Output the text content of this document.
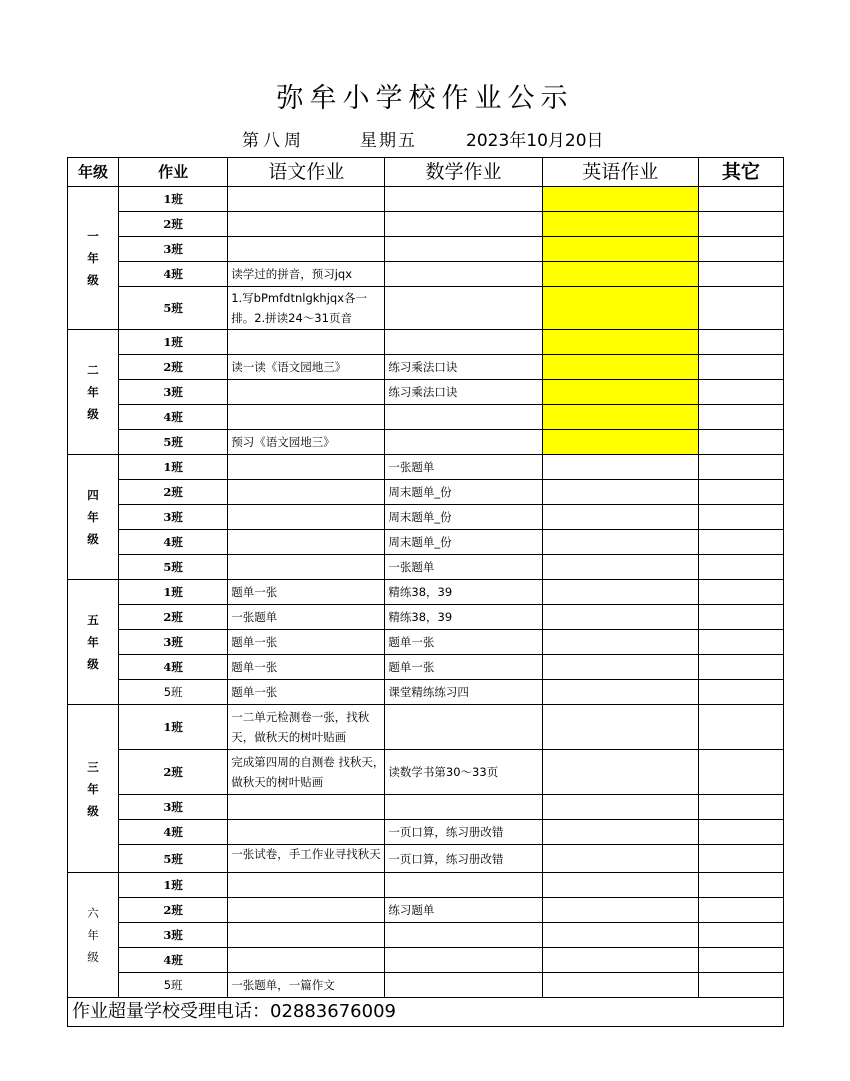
弥牟小学校作业公示
第八周	星期五	2023年10月20日
年级	作业	语文作业	数学作业	英语作业	其它

一
年
级	1班				
	2班				
	3班				
	4班	读学过的拼音，预习jqx			
	5班	1.写bPmfdtnlgkhjqx各一排。2.拼读24～31页音			

二
年
级	1班				
	2班	读一读《语文园地三》	练习乘法口诀		
	3班		练习乘法口诀		
	4班				
	5班	预习《语文园地三》			

四
年
级	1班		一张题单		
	2班		周末题单_份		
	3班		周末题单_份		
	4班		周末题单_份		
	5班		一张题单		

五
年
级	1班	题单一张	精练38，39		
	2班	一张题单	精练38，39		
	3班	题单一张	题单一张		
	4班	题单一张	题单一张		
	5班	题单一张	课堂精练练习四		

三
年
级	1班	一二单元检测卷一张，找秋天，做秋天的树叶贴画			
	2班	完成第四周的自测卷 找秋天，做秋天的树叶贴画	读数学书第30～33页		
	3班				
	4班		一页口算，练习册改错		
	5班	一张试卷，手工作业寻找秋天	一页口算，练习册改错		

六
年
级	1班				
	2班		练习题单		
	3班				
	4班				
	5班	一张题单，一篇作文			
作业超量学校受理电话：02883676009					
